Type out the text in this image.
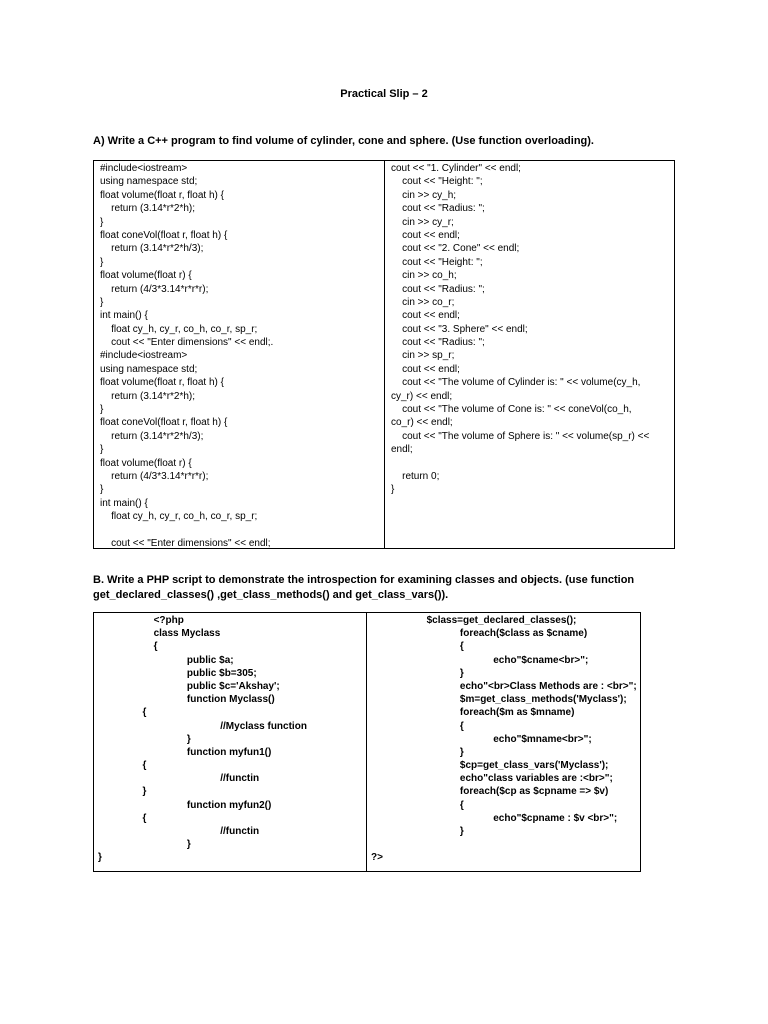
Practical Slip – 2
A) Write a C++ program to find volume of cylinder, cone and sphere. (Use function overloading).
#include<iostream>
using namespace std;
float volume(float r, float h) {
return (3.14*r*2*h);
}
float coneVol(float r, float h) {
return (3.14*r*2*h/3);
}
float volume(float r) {
return (4/3*3.14*r*r*r);
}
int main() {
float cy_h, cy_r, co_h, co_r, sp_r;
cout << "Enter dimensions" << endl;.
#include<iostream>
using namespace std;
float volume(float r, float h) {
return (3.14*r*2*h);
}
float coneVol(float r, float h) {
return (3.14*r*2*h/3);
}
float volume(float r) {
return (4/3*3.14*r*r*r);
}
int main() {
float cy_h, cy_r, co_h, co_r, sp_r;
cout << "Enter dimensions" << endl;
cout << "1. Cylinder" << endl;
cout << "Height: ";
cin >> cy_h;
cout << "Radius: ";
cin >> cy_r;
cout << endl;
cout << "2. Cone" << endl;
cout << "Height: ";
cin >> co_h;
cout << "Radius: ";
cin >> co_r;
cout << endl;
cout << "3. Sphere" << endl;
cout << "Radius: ";
cin >> sp_r;
cout << endl;
cout << "The volume of Cylinder is: " << volume(cy_h,
cy_r) << endl;
cout << "The volume of Cone is: " << coneVol(co_h,
co_r) << endl;
cout << "The volume of Sphere is: " << volume(sp_r) <<
endl;
return 0;
}
B. Write a PHP script to demonstrate the introspection for examining classes and objects. (use function get_declared_classes() ,get_class_methods() and get_class_vars()).
<?php
class Myclass
{
public $a;
public $b=305;
public $c='Akshay';
function Myclass()
{
//Myclass function
}
function myfun1()
{
//functin
}
function myfun2()
{
//functin
}
}
$class=get_declared_classes();
foreach($class as $cname)
{
echo"$cname<br>";
}
echo"<br>Class Methods are : <br>";
$m=get_class_methods('Myclass');
foreach($m as $mname)
{
echo"$mname<br>";
}
$cp=get_class_vars('Myclass');
echo"class variables are :<br>";
foreach($cp as $cpname => $v)
{
echo"$cpname : $v <br>";
}
?>
